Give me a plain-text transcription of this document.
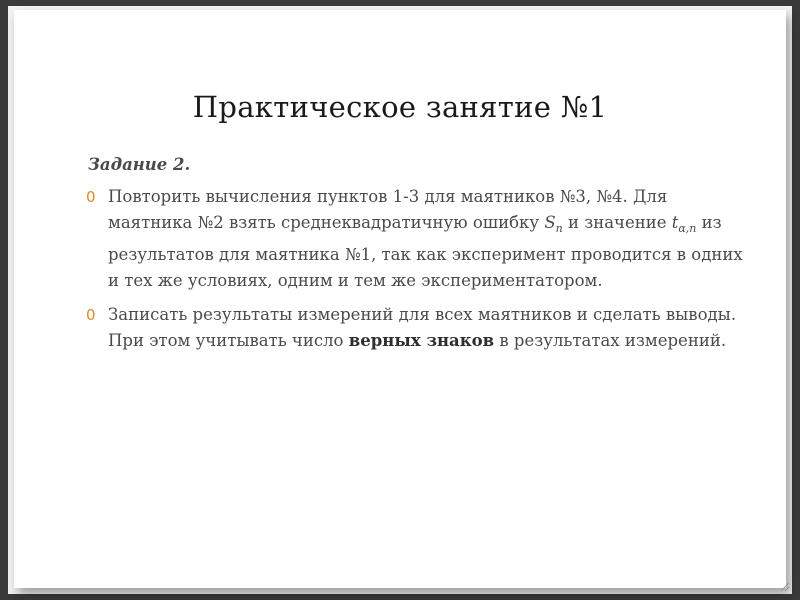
Практическое занятие №1
Задание 2.
0 Повторить вычисления пунктов 1-3 для маятников №3, №4. Для маятника №2 взять среднеквадратичную ошибку $S_n$ и значение $t_{\alpha,n}$ из результатов для маятника №1, так как эксперимент проводится в одних и тех же условиях, одним и тем же экспериментатором.
0 Записать результаты измерений для всех маятников и сделать выводы. При этом учитывать число верных знаков в результатах измерений.
